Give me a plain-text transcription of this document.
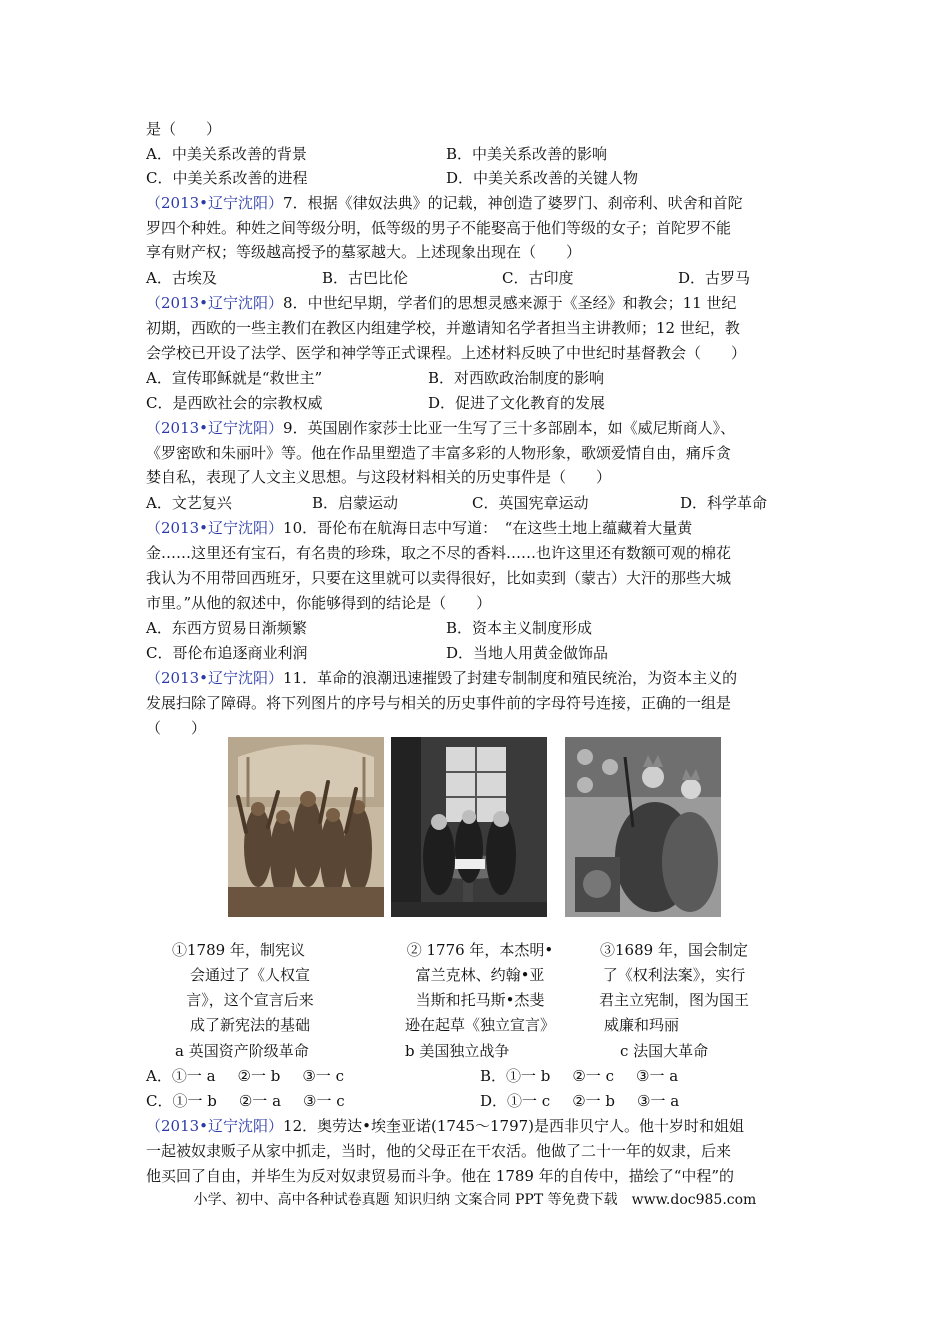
是（　　）
A．中美关系改善的背景	B．中美关系改善的影响
C．中美关系改善的进程	D．中美关系改善的关键人物
（2013•辽宁沈阳）7．根据《律奴法典》的记载，神创造了婆罗门、刹帝利、吠舍和首陀
罗四个种姓。种姓之间等级分明，低等级的男子不能娶高于他们等级的女子；首陀罗不能
享有财产权；等级越高授予的墓冢越大。上述现象出现在（　　）
A．古埃及	B．古巴比伦	C．古印度	D．古罗马
（2013•辽宁沈阳）8．中世纪早期，学者们的思想灵感来源于《圣经》和教会；11 世纪
初期，西欧的一些主教们在教区内组建学校，并邀请知名学者担当主讲教师；12 世纪，教
会学校已开设了法学、医学和神学等正式课程。上述材料反映了中世纪时基督教会（　　）
A．宣传耶稣就是“救世主”	B．对西欧政治制度的影响
C．是西欧社会的宗教权威	D．促进了文化教育的发展
（2013•辽宁沈阳）9．英国剧作家莎士比亚一生写了三十多部剧本，如《威尼斯商人》、
《罗密欧和朱丽叶》等。他在作品里塑造了丰富多彩的人物形象，歌颂爱情自由，痛斥贪
婪自私，表现了人文主义思想。与这段材料相关的历史事件是（　　）
A．文艺复兴	B．启蒙运动	C．英国宪章运动	D．科学革命
（2013•辽宁沈阳）10．哥伦布在航海日志中写道：　“在这些土地上蕴藏着大量黄
金……这里还有宝石，有名贵的珍珠，取之不尽的香料……也许这里还有数额可观的棉花
我认为不用带回西班牙，只要在这里就可以卖得很好，比如卖到（蒙古）大汗的那些大城
市里。”从他的叙述中，你能够得到的结论是（　　）
A．东西方贸易日渐频繁	B．资本主义制度形成
C．哥伦布追逐商业利润	D．当地人用黄金做饰品
（2013•辽宁沈阳）11．革命的浪潮迅速摧毁了封建专制制度和殖民统治，为资本主义的
发展扫除了障碍。将下列图片的序号与相关的历史事件前的字母符号连接，正确的一组是
（　　）
①1789 年，制宪议
会通过了《人权宣
言》，这个宣言后来
成了新宪法的基础
② 1776 年，本杰明•
富兰克林、约翰•亚
当斯和托马斯•杰斐
逊在起草《独立宣言》
③1689 年，国会制定
了《权利法案》，实行
君主立宪制，图为国王
威廉和玛丽
a 英国资产阶级革命	b 美国独立战争	c 法国大革命
A．①一 a ②一 b ③一 c	B．①一 b ②一 c ③一 a
C．①一 b ②一 a ③一 c	D．①一 c ②一 b ③一 a
（2013•辽宁沈阳）12．奥劳达•埃奎亚诺(1745～1797)是西非贝宁人。他十岁时和姐姐
一起被奴隶贩子从家中抓走，当时，他的父母正在干农活。他做了二十一年的奴隶，后来
他买回了自由，并毕生为反对奴隶贸易而斗争。他在 1789 年的自传中，描绘了“中程”的
小学、初中、高中各种试卷真题 知识归纳 文案合同 PPT 等免费下载　www.doc985.com
